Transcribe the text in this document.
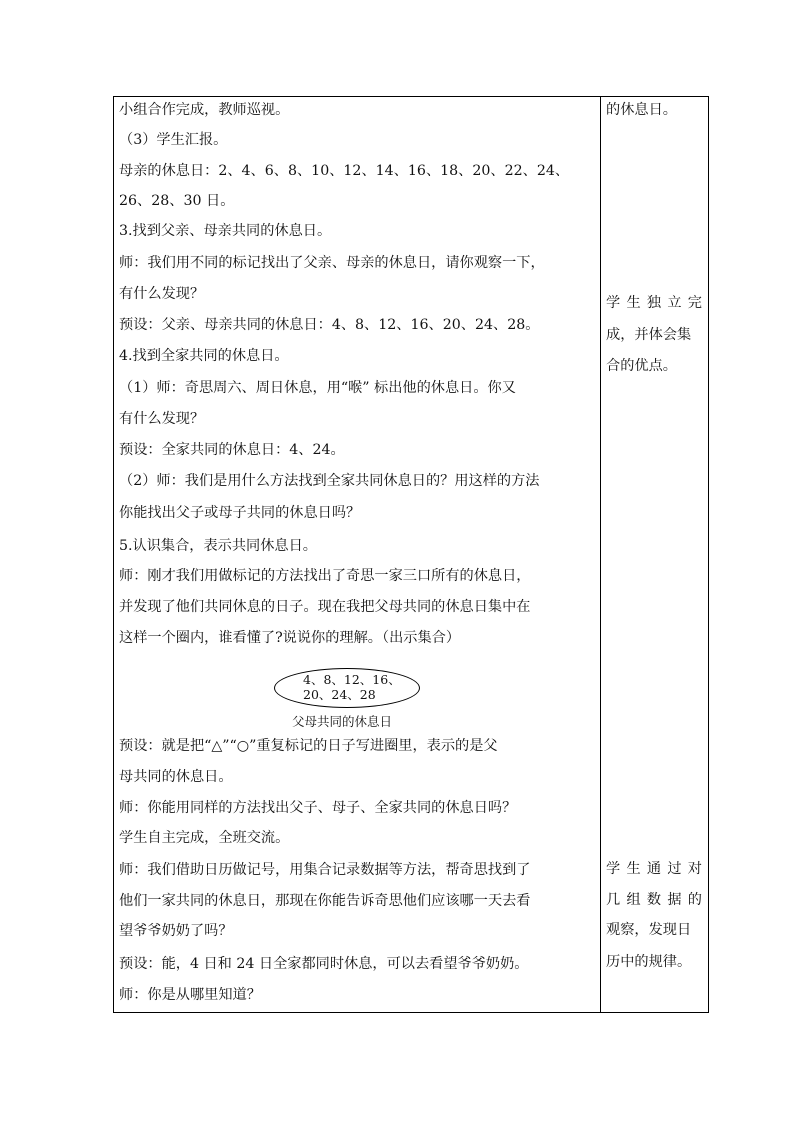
小组合作完成，教师巡视。
（3）学生汇报。
母亲的休息日：2、4、6、8、10、12、14、16、18、20、22、24、
26、28、30 日。
3.找到父亲、母亲共同的休息日。
师：我们用不同的标记找出了父亲、母亲的休息日，请你观察一下，
有什么发现？
预设：父亲、母亲共同的休息日：4、8、12、16、20、24、28。
4.找到全家共同的休息日。
（1）师：奇思周六、周日休息，用“喉” 标出他的休息日。你又
有什么发现？
预设：全家共同的休息日：4、24。
（2）师：我们是用什么方法找到全家共同休息日的？用这样的方法
你能找出父子或母子共同的休息日吗？
5.认识集合，表示共同休息日。
师：刚才我们用做标记的方法找出了奇思一家三口所有的休息日，
并发现了他们共同休息的日子。现在我把父母共同的休息日集中在
这样一个圈内，谁看懂了?说说你的理解。（出示集合）
4、8、12、16、
20、24、28
父母共同的休息日
预设：就是把“△”“○”重复标记的日子写进圈里，表示的是父
母共同的休息日。
师：你能用同样的方法找出父子、母子、全家共同的休息日吗？
学生自主完成，全班交流。
师：我们借助日历做记号，用集合记录数据等方法，帮奇思找到了
他们一家共同的休息日，那现在你能告诉奇思他们应该哪一天去看
望爷爷奶奶了吗？
预设：能，4 日和 24 日全家都同时休息，可以去看望爷爷奶奶。
师：你是从哪里知道？
的休息日。
学 生 独 立 完
成，并体会集
合的优点。
学 生 通 过 对
几 组 数 据 的
观察，发现日
历中的规律。
